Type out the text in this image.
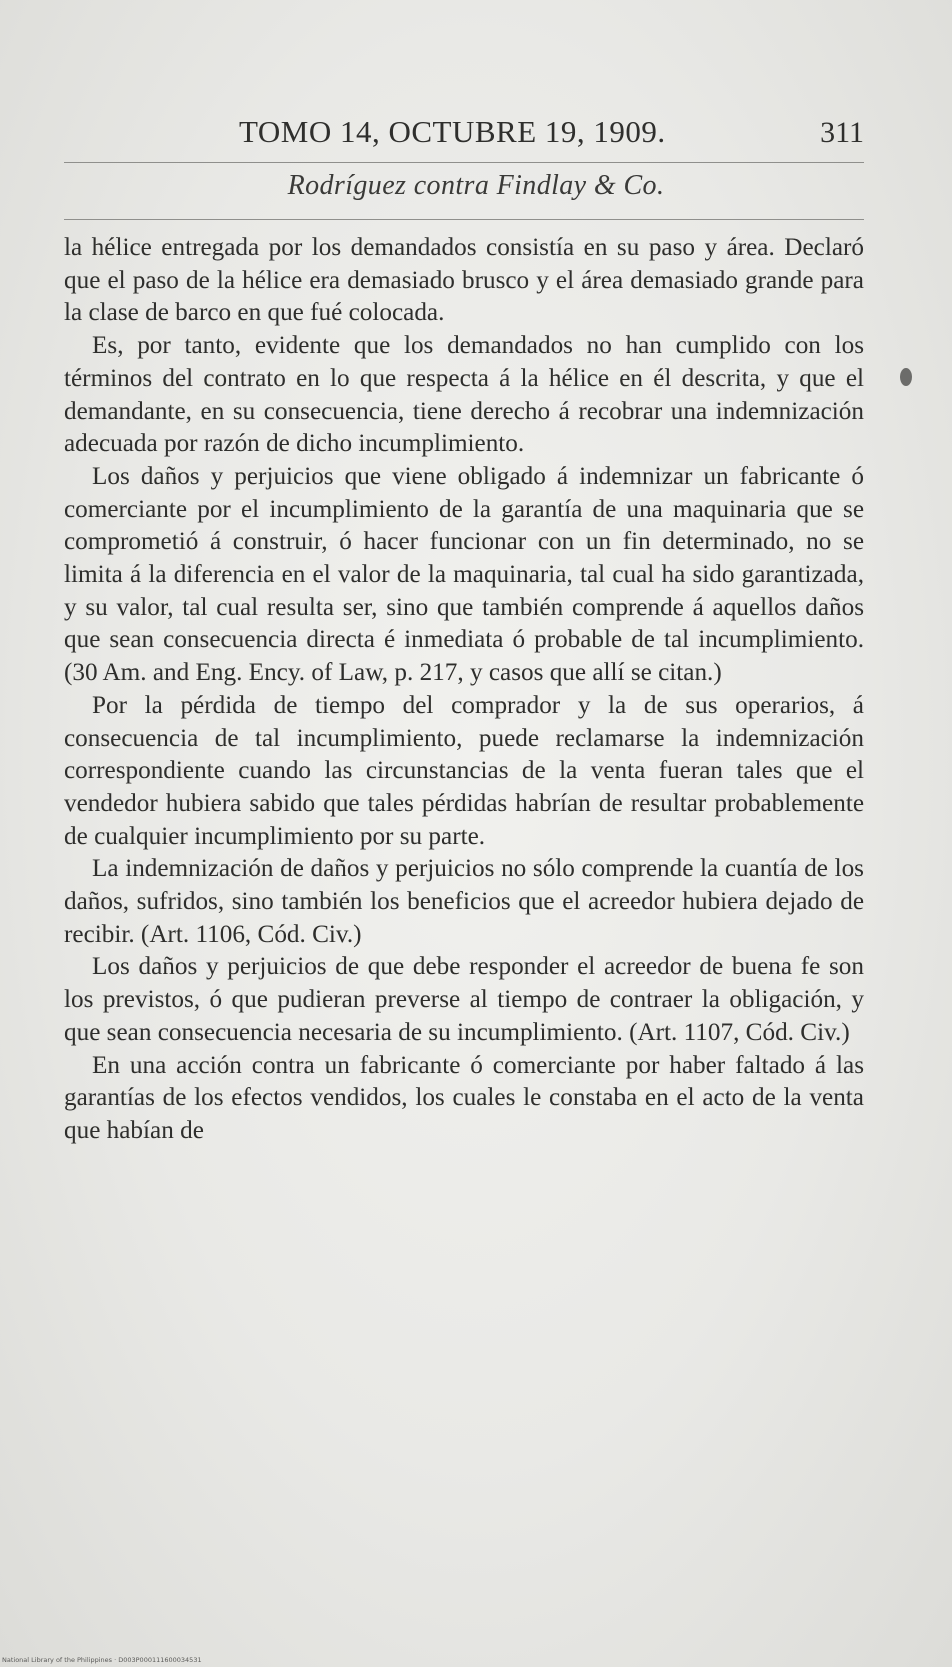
TOMO 14, OCTUBRE 19, 1909.	311
Rodríguez contra Findlay & Co.

la hélice entregada por los demandados consistía en su paso y área. Declaró que el paso de la hélice era demasiado brusco y el área demasiado grande para la clase de barco en que fué colocada.

Es, por tanto, evidente que los demandados no han cumplido con los términos del contrato en lo que respecta á la hélice en él descrita, y que el demandante, en su consecuencia, tiene derecho á recobrar una indemnización adecuada por razón de dicho incumplimiento.

Los daños y perjuicios que viene obligado á indemnizar un fabricante ó comerciante por el incumplimiento de la garantía de una maquinaria que se comprometió á construir, ó hacer funcionar con un fin determinado, no se limita á la diferencia en el valor de la maquinaria, tal cual ha sido garantizada, y su valor, tal cual resulta ser, sino que también comprende á aquellos daños que sean consecuencia directa é inmediata ó probable de tal incumplimiento. (30 Am. and Eng. Ency. of Law, p. 217, y casos que allí se citan.)

Por la pérdida de tiempo del comprador y la de sus operarios, á consecuencia de tal incumplimiento, puede reclamarse la indemnización correspondiente cuando las circunstancias de la venta fueran tales que el vendedor hubiera sabido que tales pérdidas habrían de resultar probablemente de cualquier incumplimiento por su parte.

La indemnización de daños y perjuicios no sólo comprende la cuantía de los daños, sufridos, sino también los beneficios que el acreedor hubiera dejado de recibir. (Art. 1106, Cód. Civ.)

Los daños y perjuicios de que debe responder el acreedor de buena fe son los previstos, ó que pudieran preverse al tiempo de contraer la obligación, y que sean consecuencia necesaria de su incumplimiento. (Art. 1107, Cód. Civ.)

En una acción contra un fabricante ó comerciante por haber faltado á las garantías de los efectos vendidos, los cuales le constaba en el acto de la venta que habían de

National Library of the Philippines · D003P000111600034531
